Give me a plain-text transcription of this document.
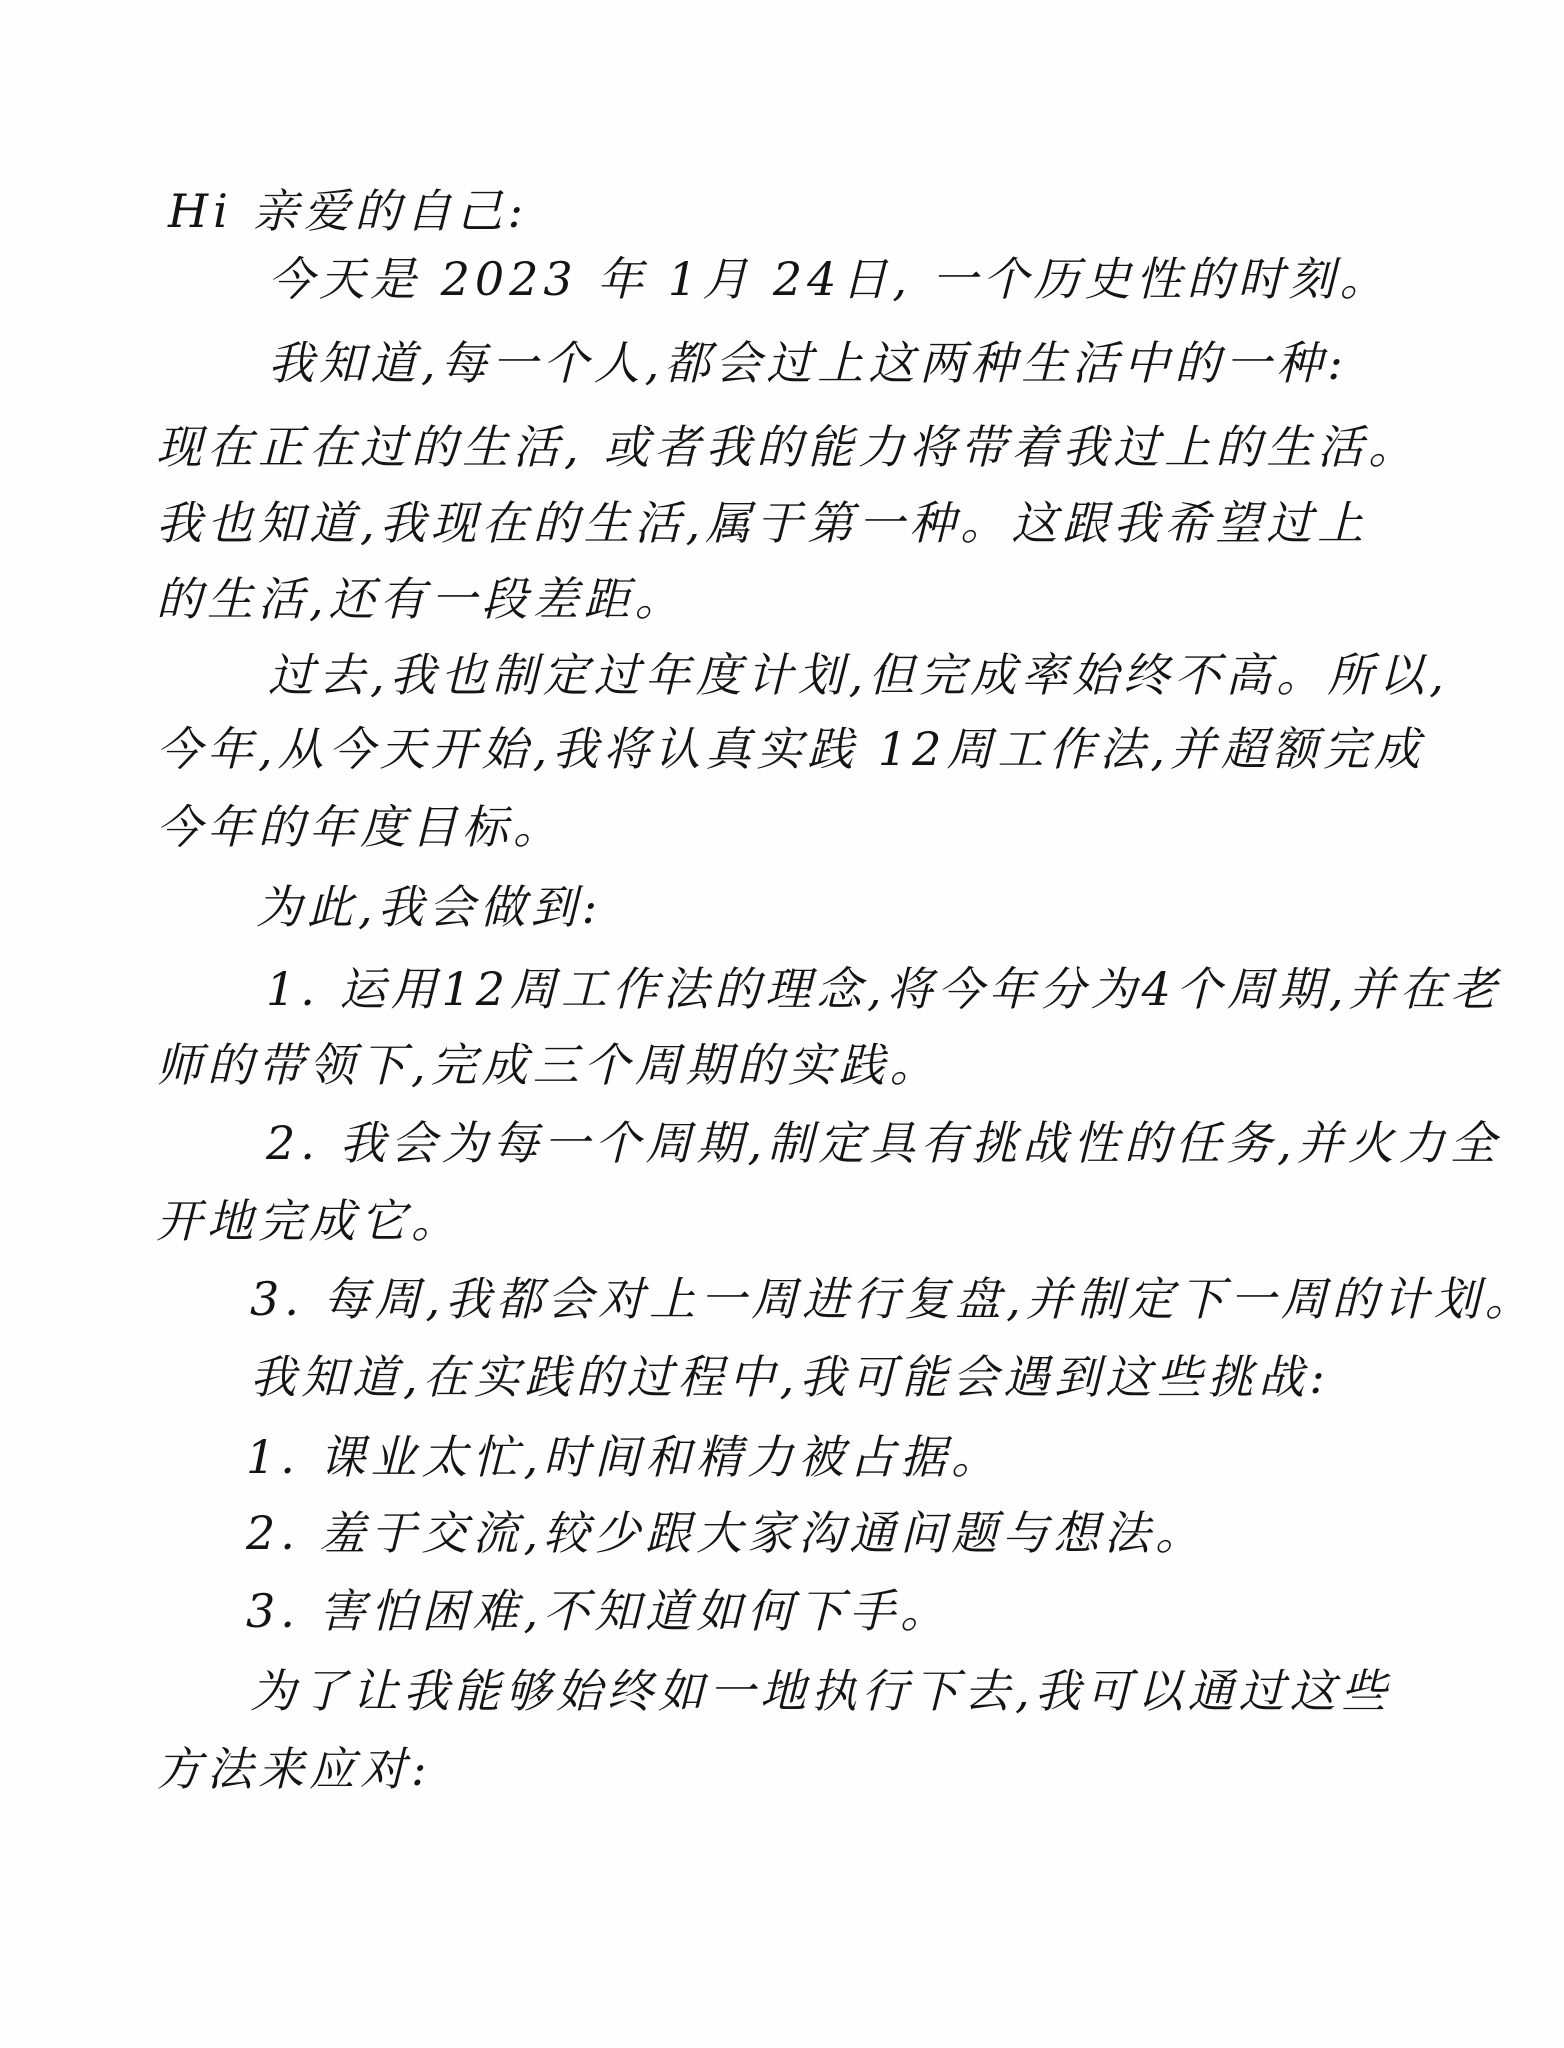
Hi 亲爱的自己:
今天是 2023 年 1月 24日, 一个历史性的时刻。
我知道,每一个人,都会过上这两种生活中的一种:
现在正在过的生活, 或者我的能力将带着我过上的生活。
我也知道,我现在的生活,属于第一种。这跟我希望过上
的生活,还有一段差距。
过去,我也制定过年度计划,但完成率始终不高。所以,
今年,从今天开始,我将认真实践 12周工作法,并超额完成
今年的年度目标。
为此,我会做到:
1. 运用12周工作法的理念,将今年分为4个周期,并在老
师的带领下,完成三个周期的实践。
2. 我会为每一个周期,制定具有挑战性的任务,并火力全
开地完成它。
3. 每周,我都会对上一周进行复盘,并制定下一周的计划。
我知道,在实践的过程中,我可能会遇到这些挑战:
1. 课业太忙,时间和精力被占据。
2. 羞于交流,较少跟大家沟通问题与想法。
3. 害怕困难,不知道如何下手。
为了让我能够始终如一地执行下去,我可以通过这些
方法来应对:
